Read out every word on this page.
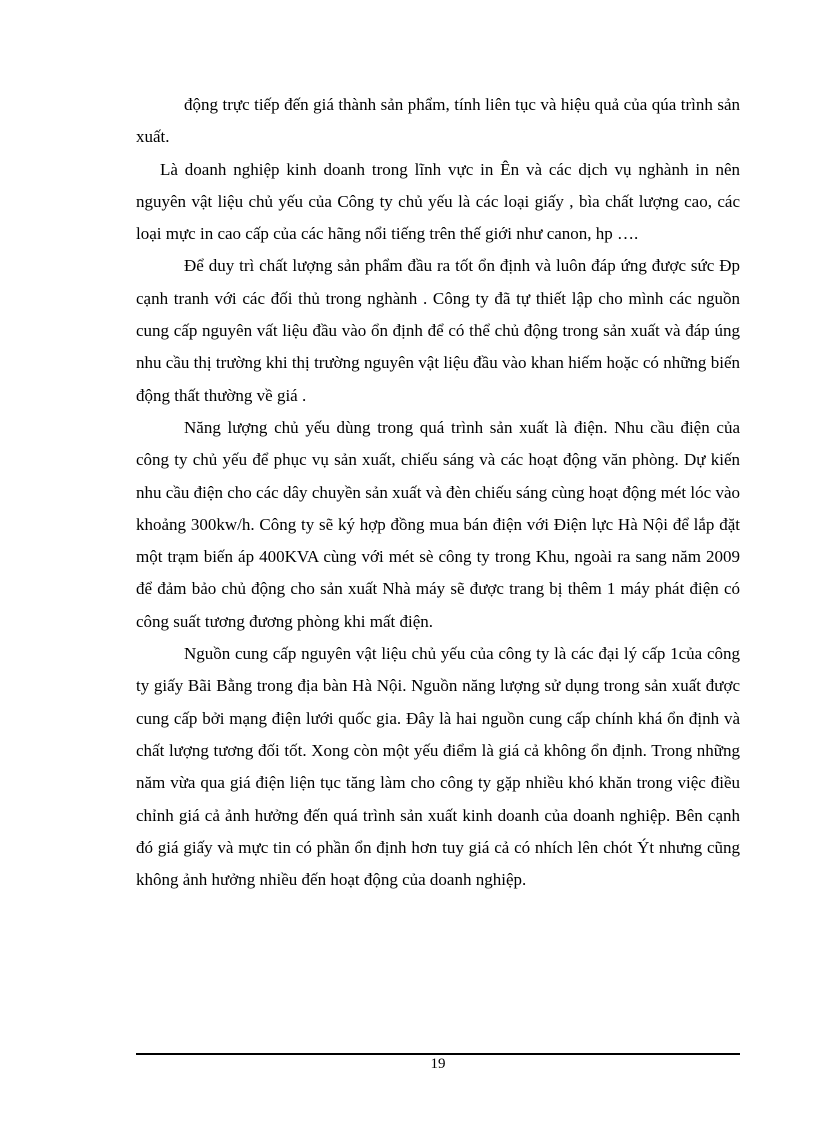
động trực tiếp đến giá thành sản phẩm, tính liên tục và hiệu quả của qúa trình sản xuất.

Là doanh nghiệp kinh doanh trong lĩnh vực in Ên và các dịch vụ nghành in nên nguyên vật liệu chủ yếu của Công ty chủ yếu là các loại giấy , bìa chất lượng cao, các loại mực in cao cấp của các hãng nổi tiếng trên thế giới như canon, hp ….

Để duy trì chất lượng sản phẩm đầu ra tốt ổn định và luôn đáp ứng được sức Ðp cạnh tranh với các đối thủ trong nghành . Công ty đã tự thiết lập cho mình các nguồn cung cấp nguyên vất liệu đầu vào ổn định để có thể chủ động trong sản xuất và đáp úng nhu cầu thị trường khi thị trường nguyên vật liệu đầu vào khan hiếm hoặc có những biến động thất thường về giá .

Năng lượng chủ yếu dùng trong quá trình sản xuất là điện. Nhu cầu điện của công ty chủ yếu để phục vụ sản xuất, chiếu sáng và các hoạt động văn phòng. Dự kiến nhu cầu điện cho các dây chuyền sản xuất và đèn chiếu sáng cùng hoạt động mét lóc vào khoảng 300kw/h. Công ty sẽ ký hợp đồng mua bán điện với Điện lực Hà Nội để lắp đặt một trạm biến áp 400KVA cùng với mét sè công ty trong Khu, ngoài ra sang năm 2009 để đảm bảo chủ động cho sản xuất Nhà máy sẽ được trang bị thêm 1 máy phát điện có công suất tương đương phòng khi mất điện.

Nguồn cung cấp nguyên vật liệu chủ yếu của công ty là các đại lý cấp 1của công ty giấy Bãi Bằng trong địa bàn Hà Nội. Nguồn năng lượng sử dụng trong sản xuất được cung cấp bởi mạng điện lưới quốc gia. Đây là hai nguồn cung cấp chính khá ổn định và chất lượng tương đối tốt. Xong còn một yếu điểm là giá cả không ổn định. Trong những năm vừa qua giá điện liện tục tăng làm cho công ty gặp nhiều khó khăn trong việc điều chỉnh giá cả ảnh hưởng đến quá trình sản xuất kinh doanh của doanh nghiệp. Bên cạnh đó giá giấy và mực tin có phần ổn định hơn tuy giá cả có nhích lên chót Ýt nhưng cũng không ảnh hưởng nhiều đến hoạt động của doanh nghiệp.

19
